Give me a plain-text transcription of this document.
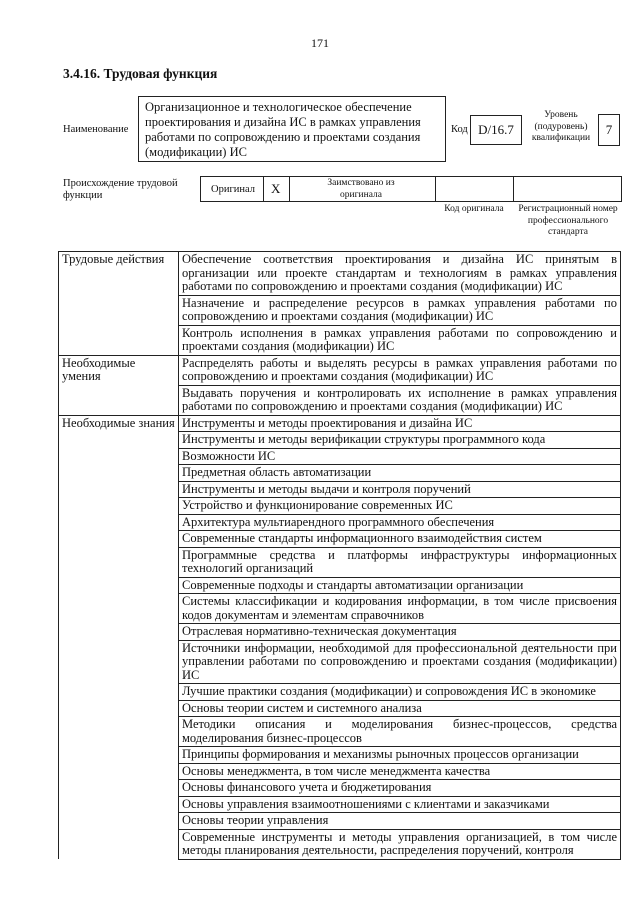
171
3.4.16. Трудовая функция
Наименование
Организационное и технологическое обеспечение проектирования и дизайна ИС в рамках управления работами по сопровождению и проектами создания (модификации) ИС
Код D/16.7
Уровень (подуровень) квалификации
7
Происхождение трудовой функции
Оригинал X	Заимствовано из оригинала
Код оригинала	Регистрационный номер профессионального стандарта
Трудовые действия	Обеспечение соответствия проектирования и дизайна ИС принятым в организации или проекте стандартам и технологиям в рамках управления работами по сопровождению и проектами создания (модификации) ИС
	Назначение и распределение ресурсов в рамках управления работами по сопровождению и проектами создания (модификации) ИС
	Контроль исполнения в рамках управления работами по сопровождению и проектами создания (модификации) ИС
Необходимые умения	Распределять работы и выделять ресурсы в рамках управления работами по сопровождению и проектами создания (модификации) ИС
	Выдавать поручения и контролировать их исполнение в рамках управления работами по сопровождению и проектами создания (модификации) ИС
Необходимые знания	Инструменты и методы проектирования и дизайна ИС
	Инструменты и методы верификации структуры программного кода
	Возможности ИС
	Предметная область автоматизации
	Инструменты и методы выдачи и контроля поручений
	Устройство и функционирование современных ИС
	Архитектура мультиарендного программного обеспечения
	Современные стандарты информационного взаимодействия систем
	Программные средства и платформы инфраструктуры информационных технологий организаций
	Современные подходы и стандарты автоматизации организации
	Системы классификации и кодирования информации, в том числе присвоения кодов документам и элементам справочников
	Отраслевая нормативно-техническая документация
	Источники информации, необходимой для профессиональной деятельности при управлении работами по сопровождению и проектами создания (модификации) ИС
	Лучшие практики создания (модификации) и сопровождения ИС в экономике
	Основы теории систем и системного анализа
	Методики описания и моделирования бизнес-процессов, средства моделирования бизнес-процессов
	Принципы формирования и механизмы рыночных процессов организации
	Основы менеджмента, в том числе менеджмента качества
	Основы финансового учета и бюджетирования
	Основы управления взаимоотношениями с клиентами и заказчиками
	Основы теории управления
	Современные инструменты и методы управления организацией, в том числе методы планирования деятельности, распределения поручений, контроля
